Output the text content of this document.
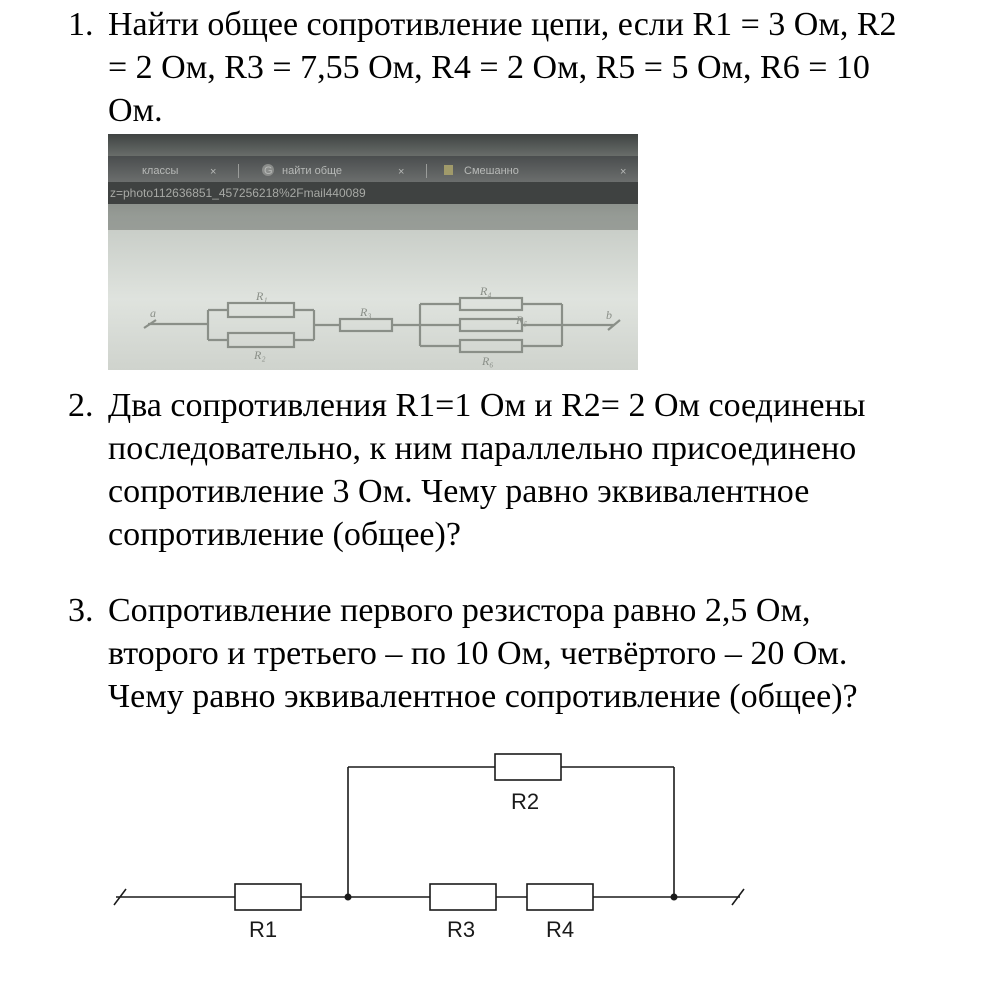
1. Найти общее сопротивление цепи, если R1 = 3 Ом, R2
= 2 Ом, R3 = 7,55 Ом, R4 = 2 Ом, R5 = 5 Ом, R6 = 10
Ом.
классы	×	G найти обще	×	Смешанно	×
z=photo112636851_457256218%2Fmail440089
a	b
R₁
R₂
R₃
R₄
R₅
R₆
2. Два сопротивления R1=1 Ом и R2= 2 Ом соединены
последовательно, к ним параллельно присоединено
сопротивление 3 Ом. Чему равно эквивалентное
сопротивление (общее)?
3. Сопротивление первого резистора равно 2,5 Ом,
второго и третьего – по 10 Ом, четвёртого – 20 Ом.
Чему равно эквивалентное сопротивление (общее)?
R1
R2
R3	R4
